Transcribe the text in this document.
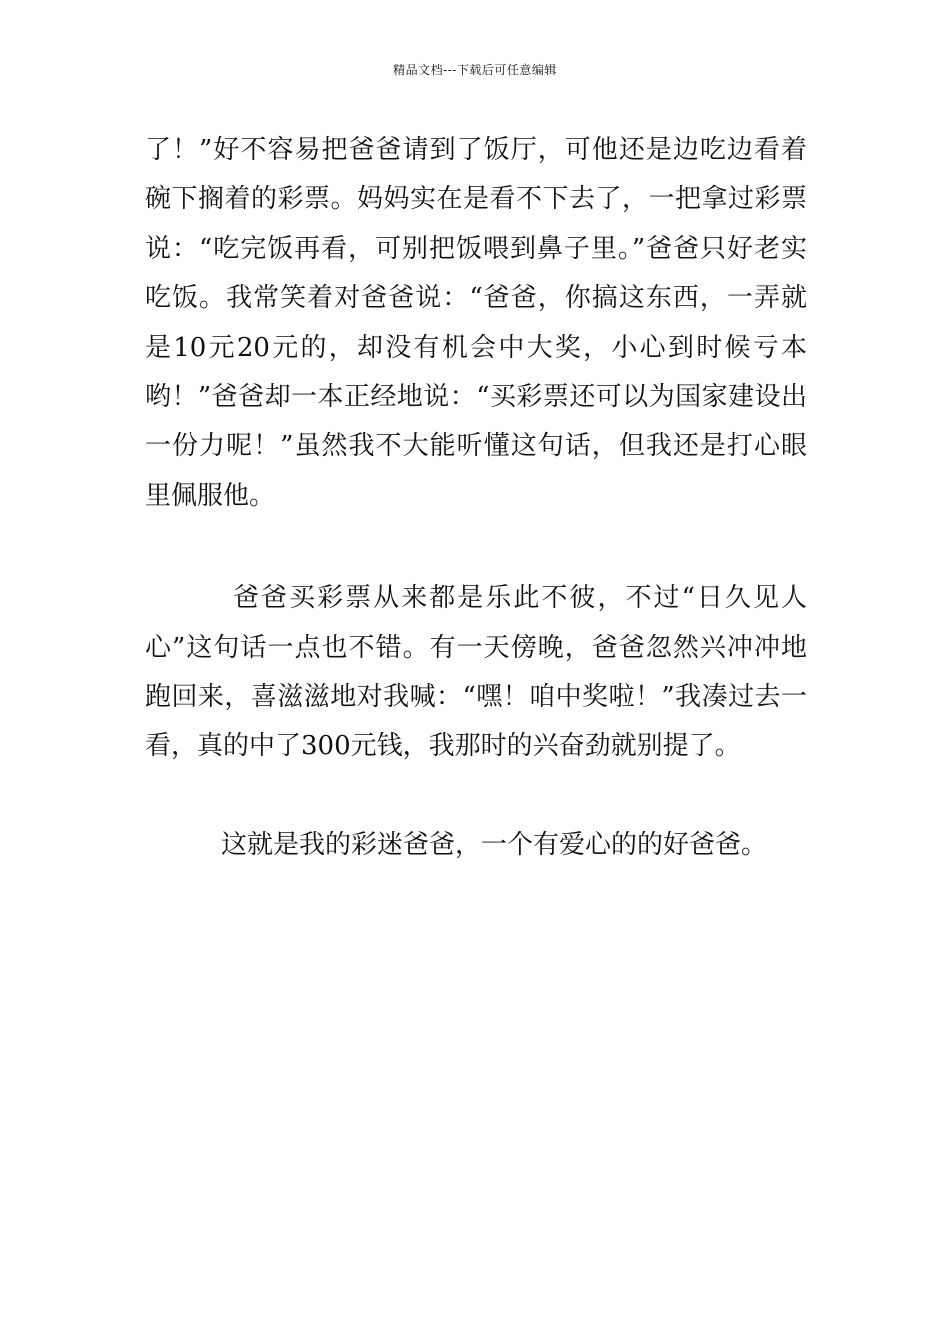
精品文档---下载后可任意编辑

了！”好不容易把爸爸请到了饭厅，可他还是边吃边看着碗下搁着的彩票。妈妈实在是看不下去了，一把拿过彩票说：“吃完饭再看，可别把饭喂到鼻子里。”爸爸只好老实吃饭。我常笑着对爸爸说：“爸爸，你搞这东西，一弄就是10元20元的，却没有机会中大奖，小心到时候亏本哟！”爸爸却一本正经地说：“买彩票还可以为国家建设出一份力呢！”虽然我不大能听懂这句话，但我还是打心眼里佩服他。

爸爸买彩票从来都是乐此不彼，不过“日久见人心”这句话一点也不错。有一天傍晚，爸爸忽然兴冲冲地跑回来，喜滋滋地对我喊：“嘿！咱中奖啦！”我凑过去一看，真的中了300元钱，我那时的兴奋劲就别提了。

这就是我的彩迷爸爸，一个有爱心的的好爸爸。
